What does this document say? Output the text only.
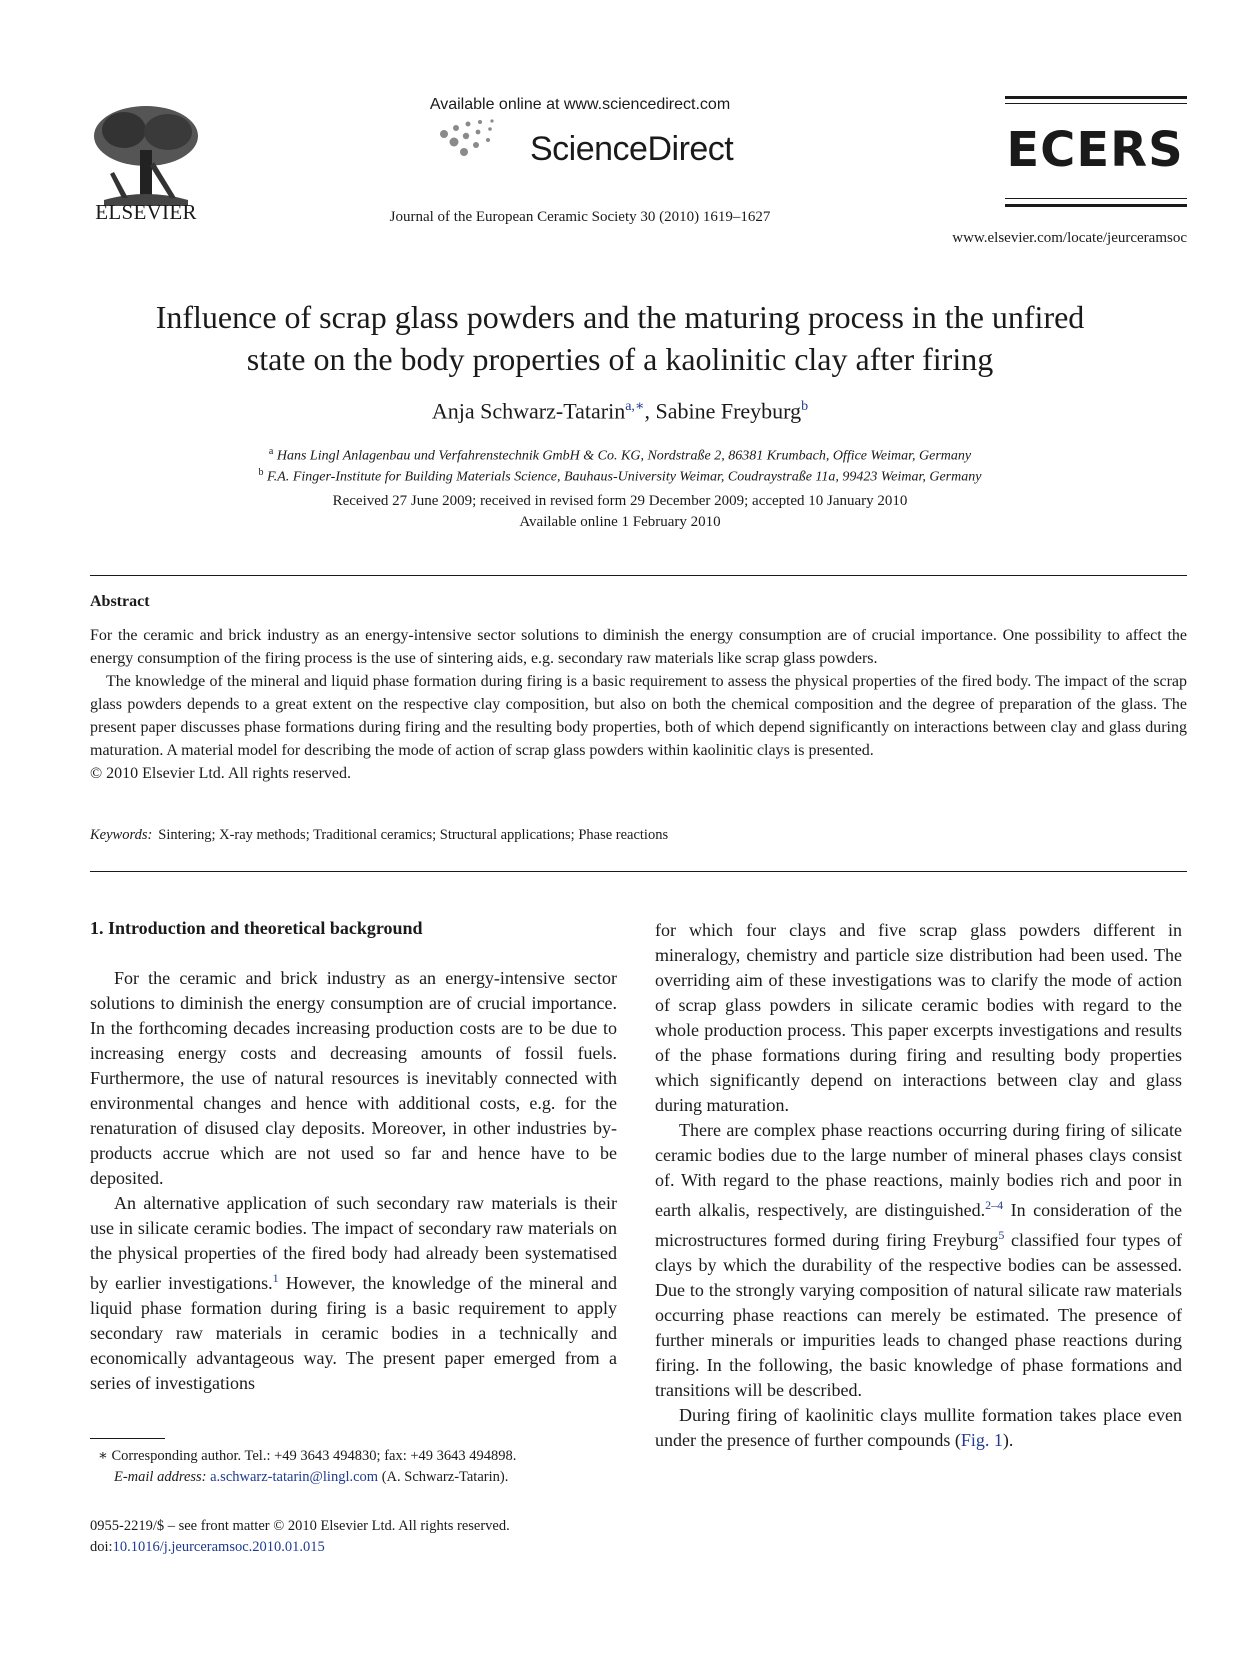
ELSEVIER
Available online at www.sciencedirect.com
ScienceDirect
Journal of the European Ceramic Society 30 (2010) 1619–1627
ECERS
www.elsevier.com/locate/jeurceramsoc
Influence of scrap glass powders and the maturing process in the unfired
state on the body properties of a kaolinitic clay after firing
Anja Schwarz-Tatarin$^{a,∗}$, Sabine Freyburg$^b$
$^a$ Hans Lingl Anlagenbau und Verfahrenstechnik GmbH & Co. KG, Nordstraße 2, 86381 Krumbach, Office Weimar, Germany
$^b$ F.A. Finger-Institute for Building Materials Science, Bauhaus-University Weimar, Coudraystraße 11a, 99423 Weimar, Germany
Received 27 June 2009; received in revised form 29 December 2009; accepted 10 January 2010
Available online 1 February 2010
Abstract

For the ceramic and brick industry as an energy-intensive sector solutions to diminish the energy consumption are of crucial importance. One possibility to affect the energy consumption of the firing process is the use of sintering aids, e.g. secondary raw materials like scrap glass powders.

The knowledge of the mineral and liquid phase formation during firing is a basic requirement to assess the physical properties of the fired body. The impact of the scrap glass powders depends to a great extent on the respective clay composition, but also on both the chemical composition and the degree of preparation of the glass. The present paper discusses phase formations during firing and the resulting body properties, both of which depend significantly on interactions between clay and glass during maturation. A material model for describing the mode of action of scrap glass powders within kaolinitic clays is presented.

© 2010 Elsevier Ltd. All rights reserved.

Keywords: Sintering; X-ray methods; Traditional ceramics; Structural applications; Phase reactions
1. Introduction and theoretical background

For the ceramic and brick industry as an energy-intensive sector solutions to diminish the energy consumption are of crucial importance. In the forthcoming decades increasing production costs are to be due to increasing energy costs and decreasing amounts of fossil fuels. Furthermore, the use of natural resources is inevitably connected with environmental changes and hence with additional costs, e.g. for the renaturation of disused clay deposits. Moreover, in other industries by-products accrue which are not used so far and hence have to be deposited.

An alternative application of such secondary raw materials is their use in silicate ceramic bodies. The impact of secondary raw materials on the physical properties of the fired body had already been systematised by earlier investigations.$^1$ However, the knowledge of the mineral and liquid phase formation during firing is a basic requirement to apply secondary raw materials in ceramic bodies in a technically and economically advantageous way. The present paper emerged from a series of investigations

for which four clays and five scrap glass powders different in mineralogy, chemistry and particle size distribution had been used. The overriding aim of these investigations was to clarify the mode of action of scrap glass powders in silicate ceramic bodies with regard to the whole production process. This paper excerpts investigations and results of the phase formations during firing and resulting body properties which significantly depend on interactions between clay and glass during maturation.

There are complex phase reactions occurring during firing of silicate ceramic bodies due to the large number of mineral phases clays consist of. With regard to the phase reactions, mainly bodies rich and poor in earth alkalis, respectively, are distinguished.$^{2-4}$ In consideration of the microstructures formed during firing Freyburg$^5$ classified four types of clays by which the durability of the respective bodies can be assessed. Due to the strongly varying composition of natural silicate raw materials occurring phase reactions can merely be estimated. The presence of further minerals or impurities leads to changed phase reactions during firing. In the following, the basic knowledge of phase formations and transitions will be described.

During firing of kaolinitic clays mullite formation takes place even under the presence of further compounds (Fig. 1).

∗ Corresponding author. Tel.: +49 3643 494830; fax: +49 3643 494898.
E-mail address: a.schwarz-tatarin@lingl.com (A. Schwarz-Tatarin).
0955-2219/$ – see front matter © 2010 Elsevier Ltd. All rights reserved.
doi:10.1016/j.jeurceramsoc.2010.01.015
